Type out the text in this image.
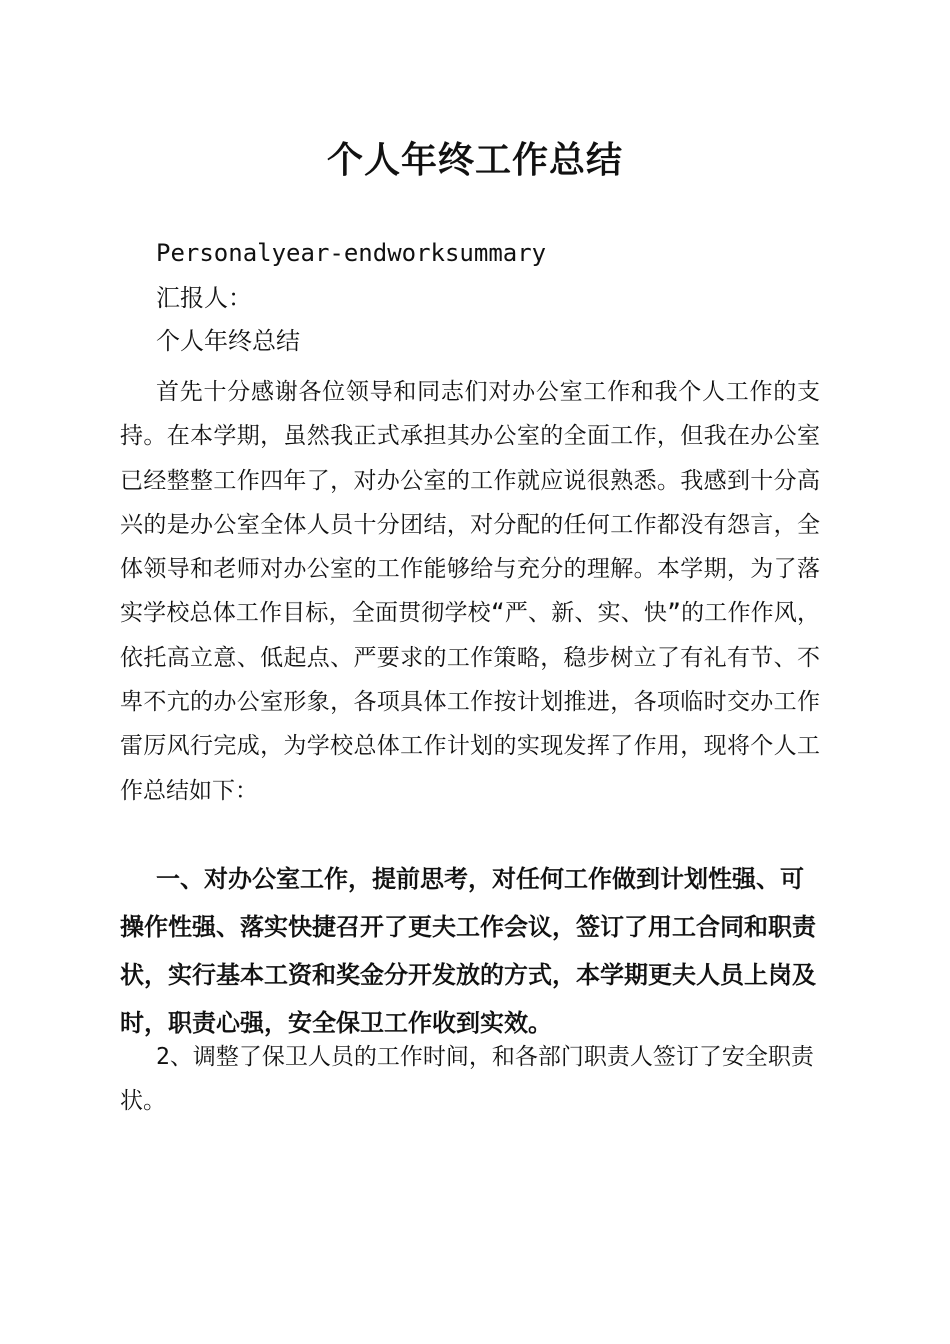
个人年终工作总结

Personalyear-endworksummary

汇报人：

个人年终总结

首先十分感谢各位领导和同志们对办公室工作和我个人工作的支持。在本学期，虽然我正式承担其办公室的全面工作，但我在办公室已经整整工作四年了，对办公室的工作就应说很熟悉。我感到十分高兴的是办公室全体人员十分团结，对分配的任何工作都没有怨言，全体领导和老师对办公室的工作能够给与充分的理解。本学期，为了落实学校总体工作目标，全面贯彻学校“严、新、实、快”的工作作风，依托高立意、低起点、严要求的工作策略，稳步树立了有礼有节、不卑不亢的办公室形象，各项具体工作按计划推进，各项临时交办工作雷厉风行完成，为学校总体工作计划的实现发挥了作用，现将个人工作总结如下：

一、对办公室工作，提前思考，对任何工作做到计划性强、可操作性强、落实快捷召开了更夫工作会议，签订了用工合同和职责状，实行基本工资和奖金分开发放的方式，本学期更夫人员上岗及时，职责心强，安全保卫工作收到实效。

2、调整了保卫人员的工作时间，和各部门职责人签订了安全职责状。
